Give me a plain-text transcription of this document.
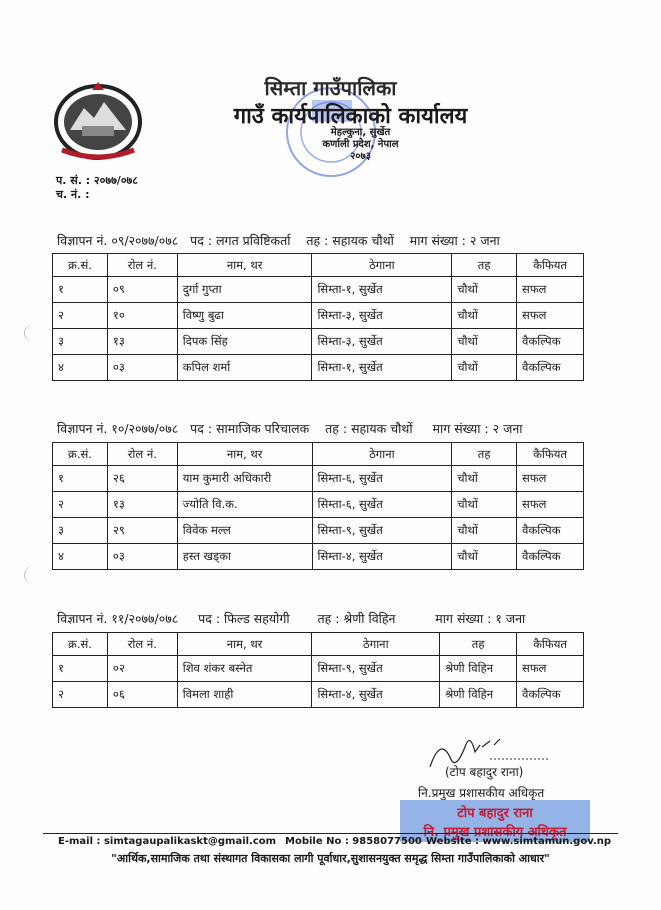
सिम्ता गाउँपालिका
गाउँ कार्यपालिकाको कार्यालय
मेहल्कुना, सुर्खेत
कर्णाली प्रदेश, नेपाल
२०७३
प. सं. : २०७७/०७८
च. नं. :
विज्ञापन नं. ०९/२०७७/०७८   पद : लगत प्रविष्टिकर्ता    तह : सहायक चौथों    माग संख्या : २ जना
क्र.सं.	रोल नं.	नाम, थर	ठेगाना	तह	कैफियत
१	०९	दुर्गा गुप्ता	सिम्ता-१, सुर्खेत	चौथों	सफल
२	१०	विष्णु बुढा	सिम्ता-३, सुर्खेत	चौथों	सफल
३	१३	दिपक सिंह	सिम्ता-३, सुर्खेत	चौथों	वैकल्पिक
४	०३	कपिल शर्मा	सिम्ता-१, सुर्खेत	चौथों	वैकल्पिक
विज्ञापन नं. १०/२०७७/०७८   पद : सामाजिक परिचालक    तह : सहायक चौथों     माग संख्या : २ जना
क्र.सं.	रोल नं.	नाम, थर	ठेगाना	तह	कैफियत
१	२६	याम कुमारी अधिकारी	सिम्ता-६, सुर्खेत	चौथों	सफल
२	१३	ज्योति वि.क.	सिम्ता-६, सुर्खेत	चौथों	सफल
३	२९	विवेक मल्ल	सिम्ता-९, सुर्खेत	चौथों	वैकल्पिक
४	०३	हस्त खड्का	सिम्ता-४, सुर्खेत	चौथों	वैकल्पिक
विज्ञापन नं. ११/२०७७/०७८     पद : फिल्ड सहयोगी       तह : श्रेणी विहिन          माग संख्या : १ जना
क्र.सं.	रोल नं.	नाम, थर	ठेगाना	तह	कैफियत
१	०२	शिव शंकर बस्नेत	सिम्ता-९, सुर्खेत	श्रेणी विहिन	सफल
२	०६	विमला शाही	सिम्ता-४, सुर्खेत	श्रेणी विहिन	वैकल्पिक
(टोप बहादुर राना)
नि.प्रमुख प्रशासकीय अधिकृत
टोप बहादुर राना
नि. प्रमुख प्रशासकीय अधिकृत
E-mail : simtagaupalikaskt@gmail.com Mobile No : 9858077500 Website : www.simtamun.gov.np
"आर्थिक,सामाजिक तथा संस्थागत विकासका लागी पूर्वाधार,सुशासनयुक्त समृद्ध सिम्ता गाउँपालिकाको आधार"
